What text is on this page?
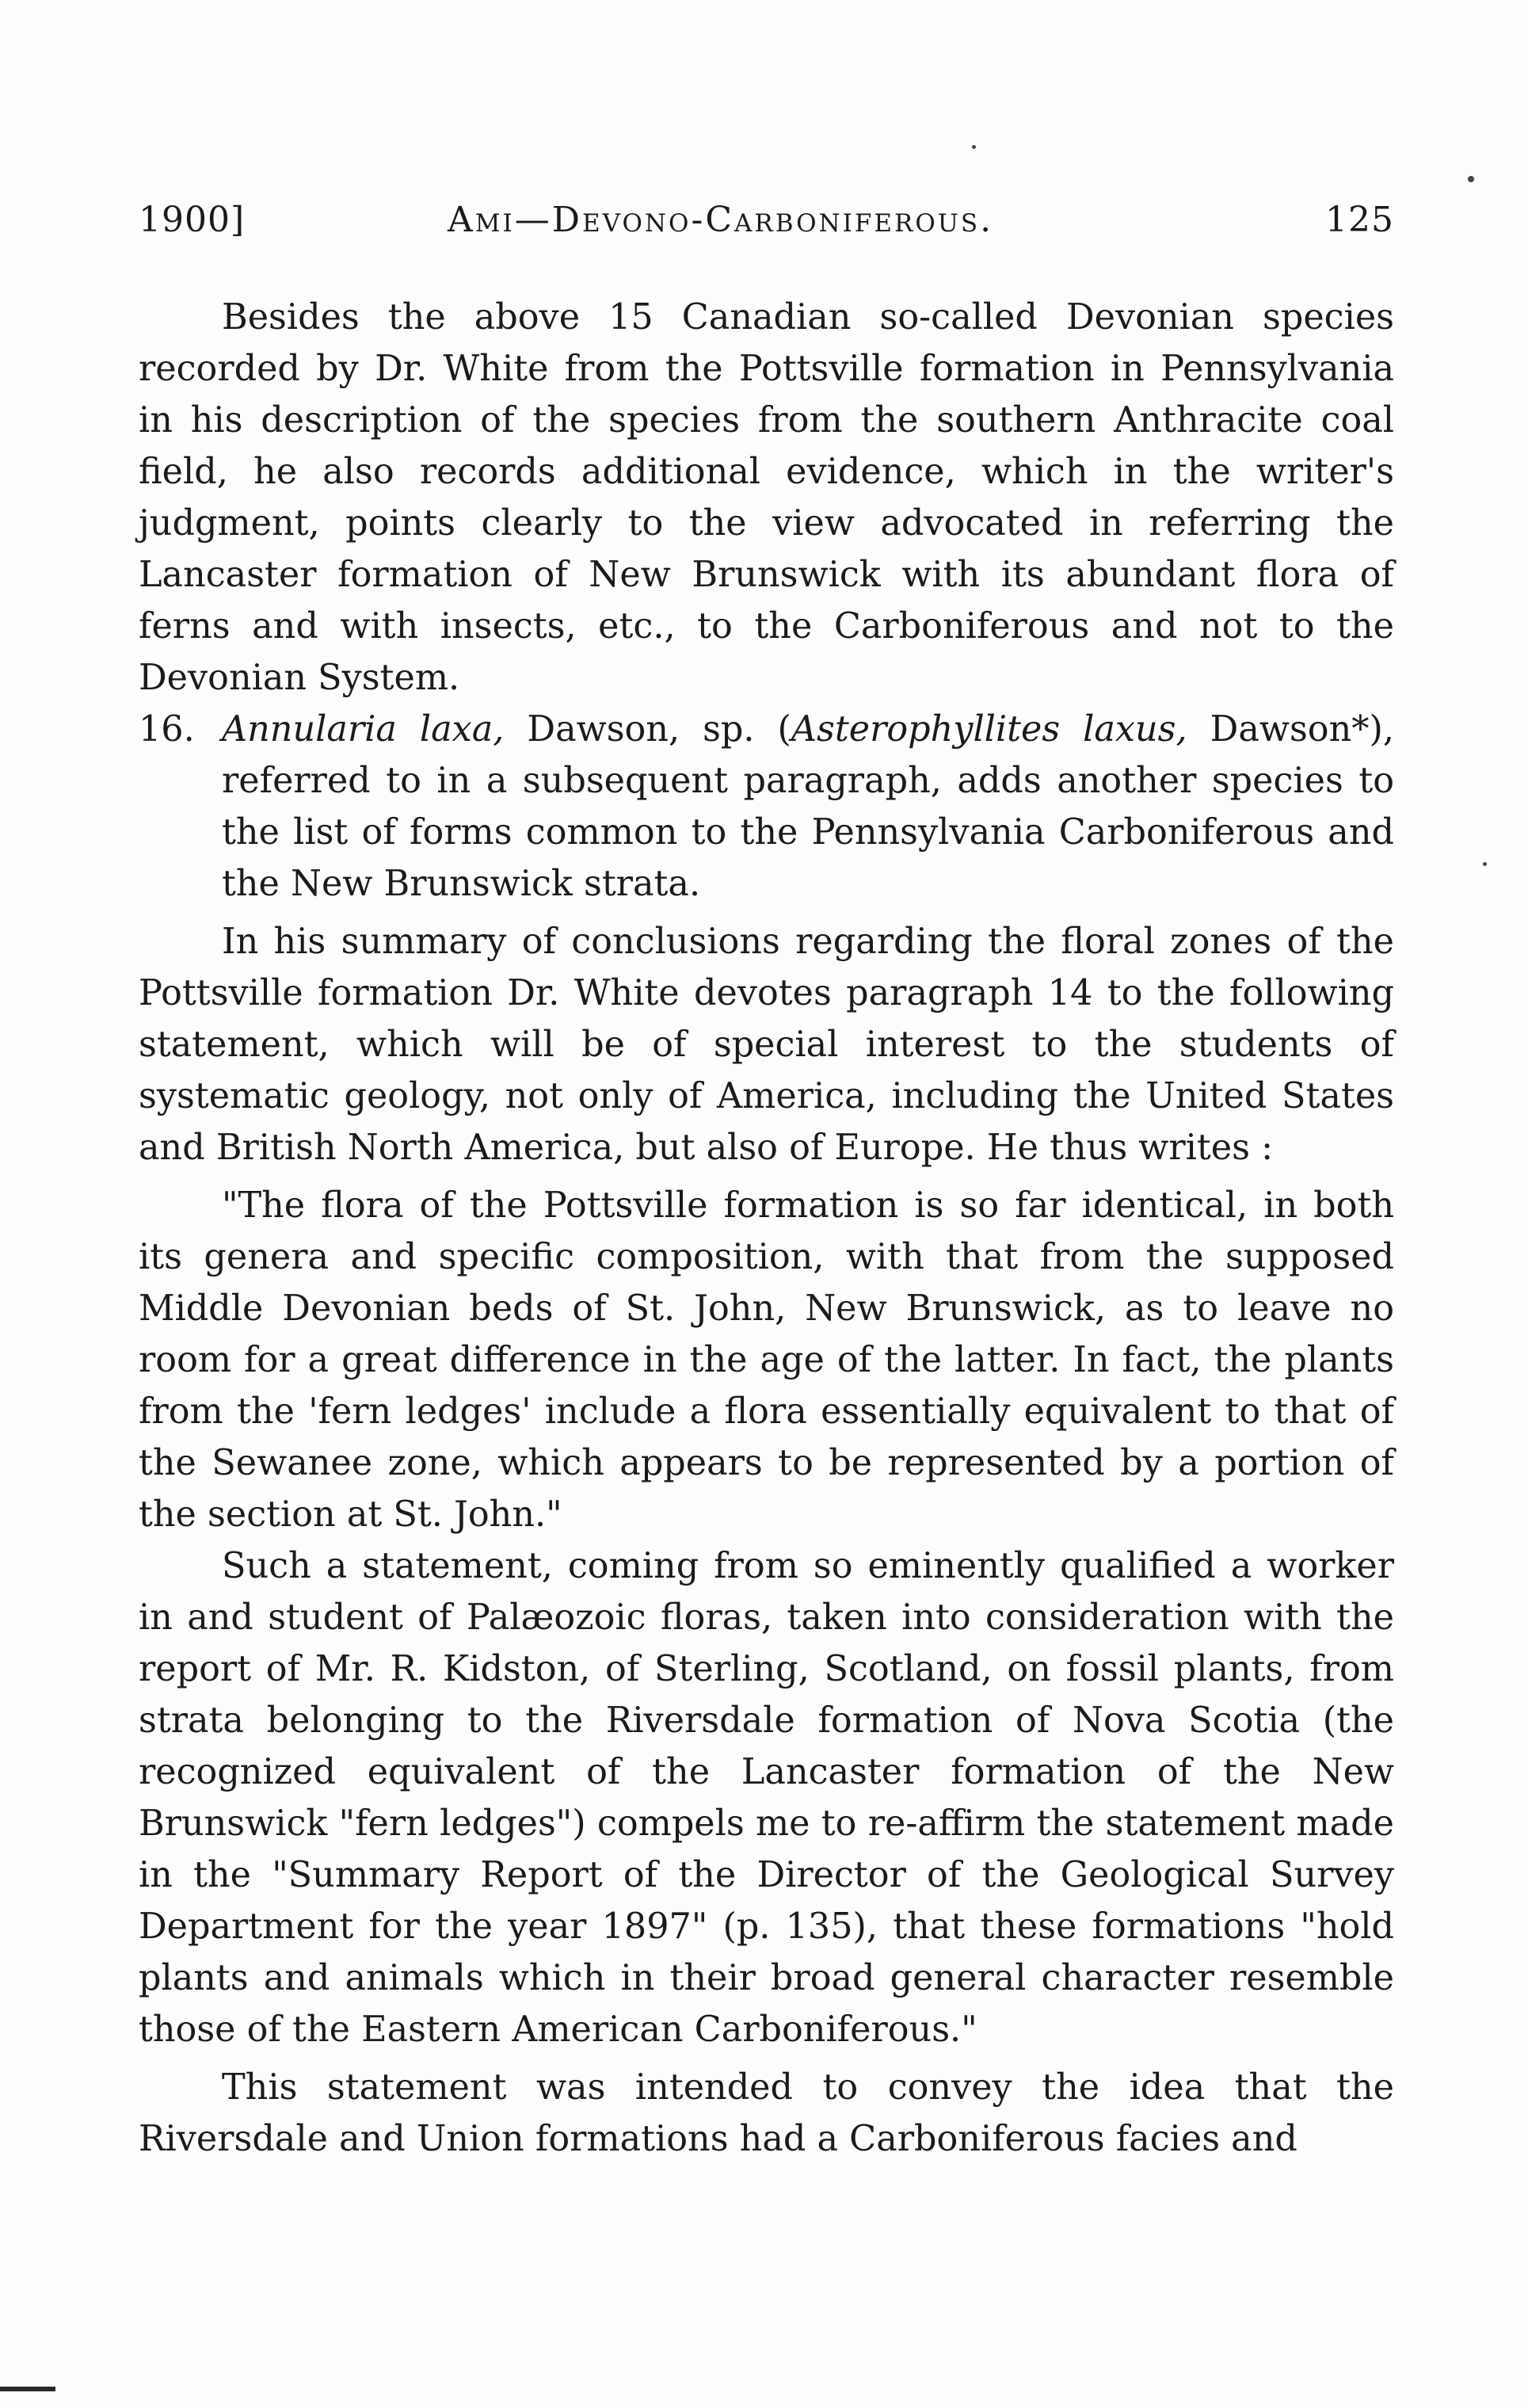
1900]	Ami—Devono-Carboniferous.	125

Besides the above 15 Canadian so-called Devonian species recorded by Dr. White from the Pottsville formation in Pennsylvania in his description of the species from the southern Anthracite coal field, he also records additional evidence, which in the writer's judgment, points clearly to the view advocated in referring the Lancaster formation of New Brunswick with its abundant flora of ferns and with insects, etc., to the Carboniferous and not to the Devonian System.

16. Annularia laxa, Dawson, sp. (Asterophyllites laxus, Dawson*), referred to in a subsequent paragraph, adds another species to the list of forms common to the Pennsylvania Carboniferous and the New Brunswick strata.

In his summary of conclusions regarding the floral zones of the Pottsville formation Dr. White devotes paragraph 14 to the following statement, which will be of special interest to the students of systematic geology, not only of America, including the United States and British North America, but also of Europe. He thus writes :

"The flora of the Pottsville formation is so far identical, in both its genera and specific composition, with that from the supposed Middle Devonian beds of St. John, New Brunswick, as to leave no room for a great difference in the age of the latter. In fact, the plants from the 'fern ledges' include a flora essentially equivalent to that of the Sewanee zone, which appears to be represented by a portion of the section at St. John."

Such a statement, coming from so eminently qualified a worker in and student of Palæozoic floras, taken into consideration with the report of Mr. R. Kidston, of Sterling, Scotland, on fossil plants, from strata belonging to the Riversdale formation of Nova Scotia (the recognized equivalent of the Lancaster formation of the New Brunswick "fern ledges") compels me to re-affirm the statement made in the "Summary Report of the Director of the Geological Survey Department for the year 1897" (p. 135), that these formations "hold plants and animals which in their broad general character resemble those of the Eastern American Carboniferous."

This statement was intended to convey the idea that the Riversdale and Union formations had a Carboniferous facies and
